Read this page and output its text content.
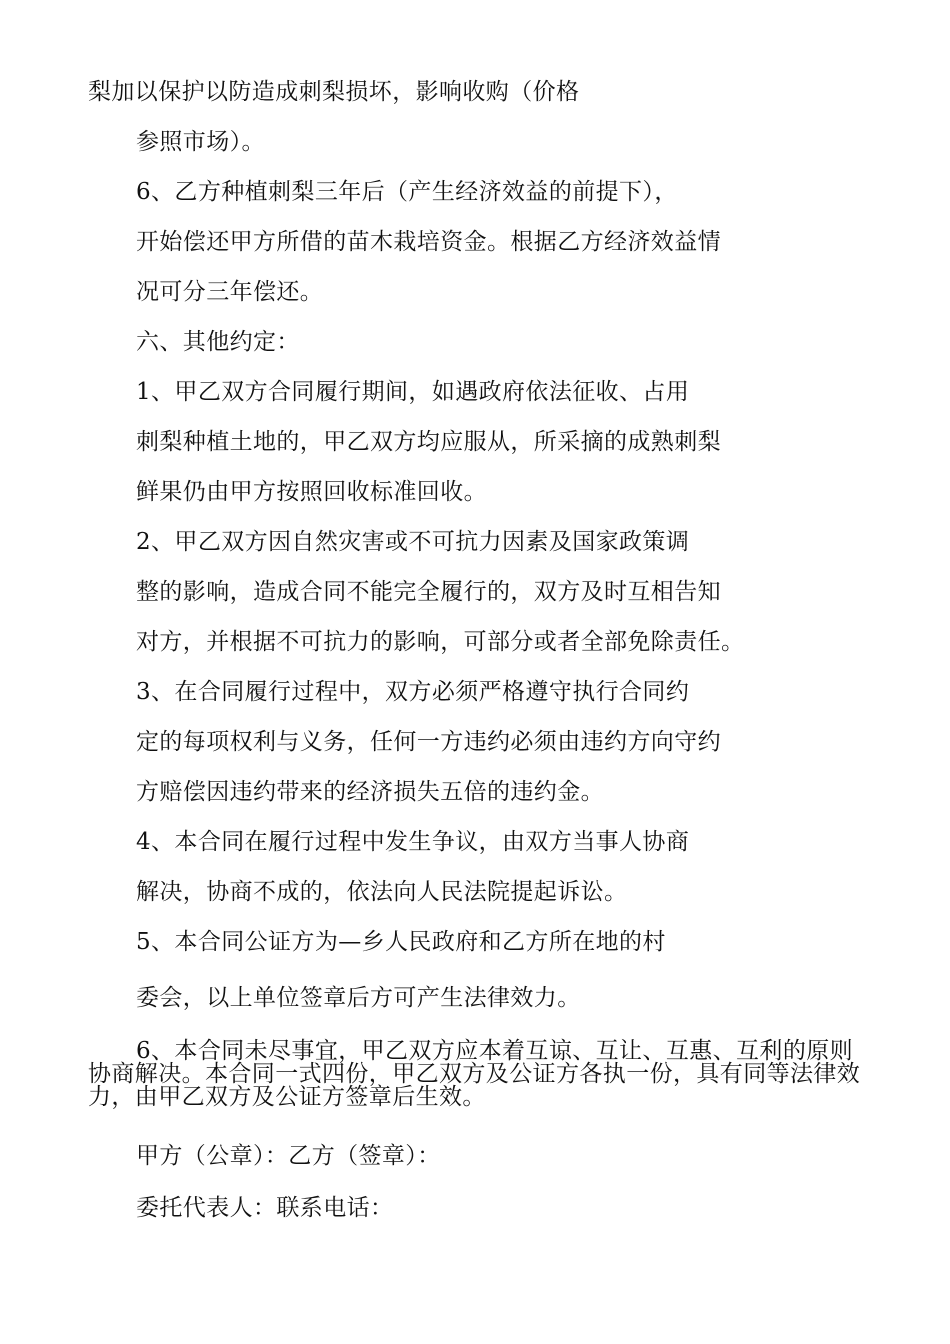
梨加以保护以防造成刺梨损坏，影响收购（价格
参照市场）。
6、乙方种植刺梨三年后（产生经济效益的前提下），
开始偿还甲方所借的苗木栽培资金。根据乙方经济效益情
况可分三年偿还。
六、其他约定：
1、甲乙双方合同履行期间，如遇政府依法征收、占用
刺梨种植土地的，甲乙双方均应服从，所采摘的成熟刺梨
鲜果仍由甲方按照回收标准回收。
2、甲乙双方因自然灾害或不可抗力因素及国家政策调
整的影响，造成合同不能完全履行的，双方及时互相告知
对方，并根据不可抗力的影响，可部分或者全部免除责任。
3、在合同履行过程中，双方必须严格遵守执行合同约
定的每项权利与义务，任何一方违约必须由违约方向守约
方赔偿因违约带来的经济损失五倍的违约金。
4、本合同在履行过程中发生争议，由双方当事人协商
解决，协商不成的，依法向人民法院提起诉讼。
5、本合同公证方为—乡人民政府和乙方所在地的村
委会，以上单位签章后方可产生法律效力。
6、本合同未尽事宜，甲乙双方应本着互谅、互让、互惠、互利的原则协商解决。本合同一式四份，甲乙双方及公证方各执一份，具有同等法律效力，由甲乙双方及公证方签章后生效。
甲方（公章）：乙方（签章）：
委托代表人：联系电话：
